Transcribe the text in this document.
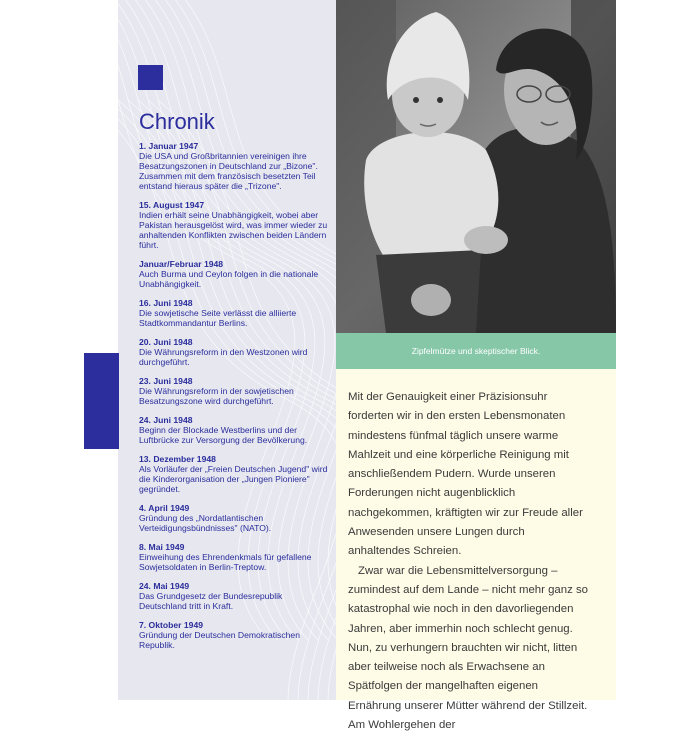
Chronik
1. Januar 1947
Die USA und Großbritannien vereinigen ihre Besatzungszonen in Deutschland zur „Bizone". Zusammen mit dem französisch besetzten Teil entstand hieraus später die „Trizone".
15. August 1947
Indien erhält seine Unabhängigkeit, wobei aber Pakistan herausgelöst wird, was immer wieder zu anhaltenden Konflikten zwischen beiden Ländern führt.
Januar/Februar 1948
Auch Burma und Ceylon folgen in die nationale Unabhängigkeit.
16. Juni 1948
Die sowjetische Seite verlässt die alliierte Stadtkommandantur Berlins.
20. Juni 1948
Die Währungsreform in den Westzonen wird durchgeführt.
23. Juni 1948
Die Währungsreform in der sowjetischen Besatzungszone wird durchgeführt.
24. Juni 1948
Beginn der Blockade Westberlins und der Luftbrücke zur Versorgung der Bevölkerung.
13. Dezember 1948
Als Vorläufer der „Freien Deutschen Jugend" wird die Kinderorganisation der „Jungen Pioniere" gegründet.
4. April 1949
Gründung des „Nordatlantischen Verteidigungsbündnisses" (NATO).
8. Mai 1949
Einweihung des Ehrendenkmals für gefallene Sowjetsoldaten in Berlin-Treptow.
24. Mai 1949
Das Grundgesetz der Bundesrepublik Deutschland tritt in Kraft.
7. Oktober 1949
Gründung der Deutschen Demokratischen Republik.
Zipfelmütze und skeptischer Blick.

Mit der Genauigkeit einer Präzisionsuhr forderten wir in den ersten Lebensmonaten mindestens fünfmal täglich unsere warme Mahlzeit und eine körperliche Reinigung mit anschließendem Pudern. Wurde unseren Forderungen nicht augenblicklich nachgekommen, kräftigten wir zur Freude aller Anwesenden unsere Lungen durch anhaltendes Schreien.

Zwar war die Lebensmittelversorgung – zumindest auf dem Lande – nicht mehr ganz so katastrophal wie noch in den davorliegenden Jahren, aber immerhin noch schlecht genug. Nun, zu verhungern brauchten wir nicht, litten aber teilweise noch als Erwachsene an Spätfolgen der mangelhaften eigenen Ernährung unserer Mütter während der Stillzeit. Am Wohlergehen der
